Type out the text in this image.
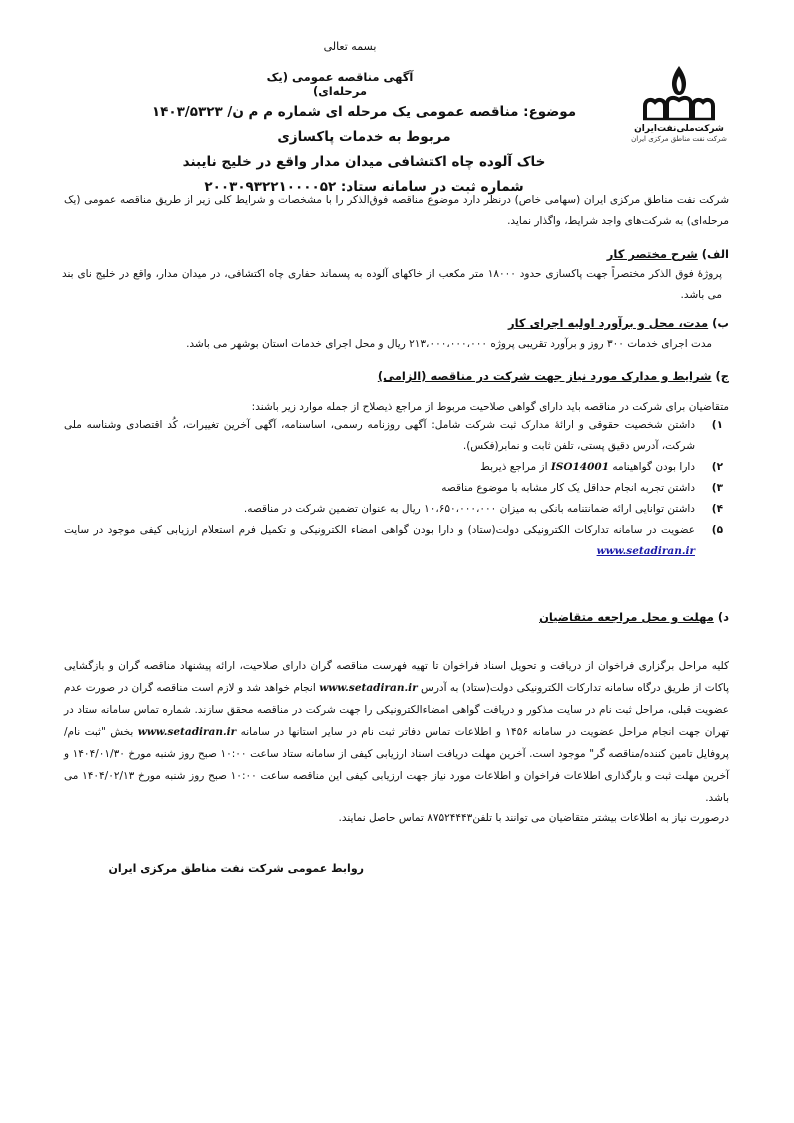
بسمه تعالی
آگهی مناقصه عمومی (یک مرحله‌ای)
شرکت‌ملی‌نفت‌ایران
شرکت نفت مناطق مرکزی ایران
موضوع: مناقصه عمومی یک مرحله ای شماره م م ن/ ۱۴۰۳/۵۳۲۳ مربوط به خدمات پاکسازی
خاک آلوده چاه اکتشافی میدان مدار واقع در خلیج نایبند
شماره ثبت در سامانه ستاد: ۲۰۰۳۰۹۳۲۲۱۰۰۰۰۵۲
شرکت نفت مناطق مرکزی ایران (سهامی خاص) درنظر دارد موضوع مناقصه فوق‌الذکر را با مشخصات و شرایط کلی زیر از طریق مناقصه عمومی (یک مرحله‌ای) به شرکت‌های واجد شرایط، واگذار نماید.
الف) شرح مختصر کار
پروژۀ فوق الذکر مختصراً جهت پاکسازی حدود ۱۸۰۰۰ متر مکعب از خاکهای آلوده به پسماند حفاری چاه اکتشافی، در میدان مدار، واقع در خلیج نای بند می باشد.
ب) مدت، محل و برآورد اولیه اجرای کار
مدت اجرای خدمات ۳۰۰ روز و برآورد تقریبی پروژه ۲۱۳،۰۰۰،۰۰۰،۰۰۰ ریال و محل اجرای خدمات استان بوشهر می باشد.
ج) شرایط و مدارک مورد نیاز جهت شرکت در مناقصه (الزامی)
متقاضیان برای شرکت در مناقصه باید دارای گواهی صلاحیت مربوط از مراجع ذیصلاح از جمله موارد زیر باشند:
۱)
داشتن شخصیت حقوقی و ارائۀ مدارک ثبت شرکت شامل: آگهی روزنامه رسمی، اساسنامه، آگهی آخرین تغییرات، کُد اقتصادی وشناسه ملی شرکت، آدرس دقیق پستی، تلفن ثابت و نمابر(فکس).
۲)
دارا بودن گواهینامه ISO14001 از مراجع ذیربط
۳)
داشتن تجربه انجام حداقل یک کار مشابه با موضوع مناقصه
۴)
داشتن توانایی ارائه ضمانتنامه بانکی به میزان ۱۰،۶۵۰،۰۰۰،۰۰۰ ریال به عنوان تضمین شرکت در مناقصه.
۵)
عضویت در سامانه تدارکات الکترونیکی دولت(ستاد) و دارا بودن گواهی امضاء الکترونیکی و تکمیل فرم استعلام ارزیابی کیفی موجود در سایت www.setadiran.ir
د) مهلت و محل مراجعه متقاضیان
کلیه مراحل برگزاری فراخوان از دریافت و تحویل اسناد فراخوان تا تهیه فهرست مناقصه گران دارای صلاحیت، ارائه پیشنهاد مناقصه گران و بازگشایی پاکات از طریق درگاه سامانه تدارکات الکترونیکی دولت(ستاد) به آدرس www.setadiran.ir انجام خواهد شد و لازم است مناقصه گران در صورت عدم عضویت قبلی، مراحل ثبت نام در سایت مذکور و دریافت گواهی امضاءالکترونیکی را جهت شرکت در مناقصه محقق سازند. شماره تماس سامانه ستاد در تهران جهت انجام مراحل عضویت در سامانه ۱۴۵۶ و اطلاعات تماس دفاتر ثبت نام در سایر استانها در سامانه www.setadiran.ir بخش "ثبت نام/پروفایل تامین کننده/مناقصه گر" موجود است. آخرین مهلت دریافت اسناد ارزیابی کیفی از سامانه ستاد ساعت ۱۰:۰۰ صبح روز شنبه مورخ ۱۴۰۴/۰۱/۳۰ و آخرین مهلت ثبت و بارگذاری اطلاعات فراخوان و اطلاعات مورد نیاز جهت ارزیابی کیفی این مناقصه ساعت ۱۰:۰۰ صبح روز شنبه مورخ ۱۴۰۴/۰۲/۱۳ می باشد.
درصورت نیاز به اطلاعات بیشتر متقاضیان می توانند با تلفن۸۷۵۲۴۴۴۳ تماس حاصل نمایند.
روابط عمومی شرکت نفت مناطق مرکزی ایران
